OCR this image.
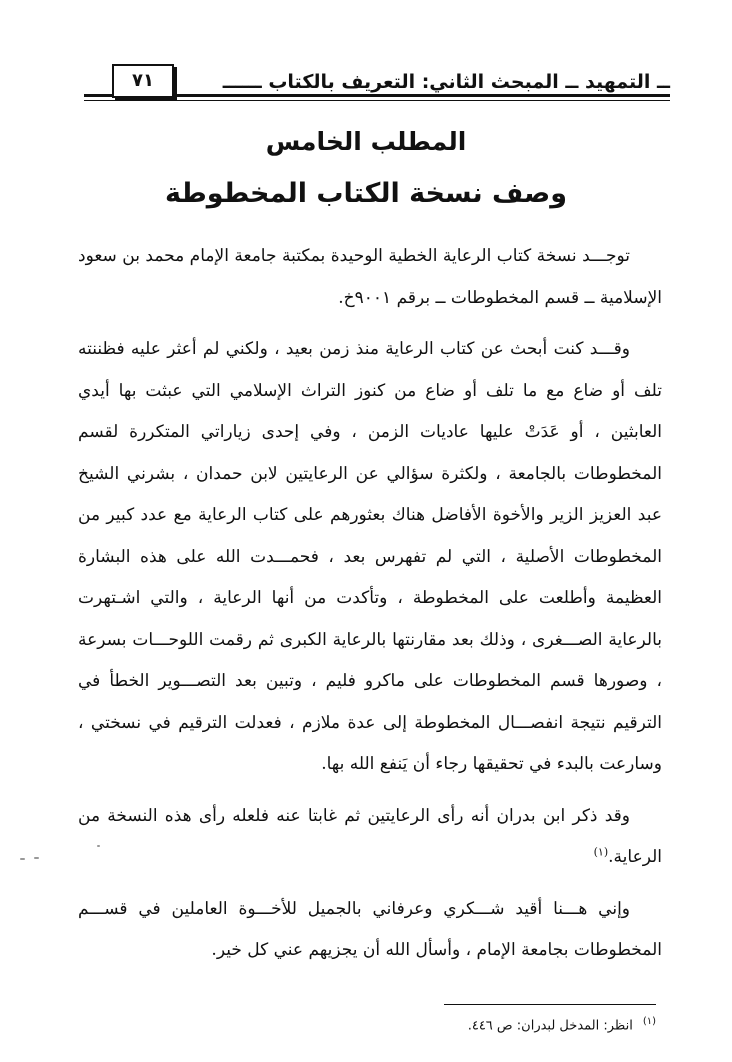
ــ التمهيد ــ المبحث الثاني: التعريف بالكتاب ــــــ
٧١
المطلب الخامس
وصف نسخة الكتاب المخطوطة

توجـــد نسخة كتاب الرعاية الخطية الوحيدة بمكتبة جامعة الإمام محمد بن سعود الإسلامية ــ قسم المخطوطات ــ برقم ٩٠٠١خ.

وقـــد كنت أبحث عن كتاب الرعاية منذ زمن بعيد ، ولكني لم أعثر عليه فظننته تلف أو ضاع مع ما تلف أو ضاع من كنوز التراث الإسلامي التي عبثت بها أيدي العابثين ، أو عَدَتْ عليها عاديات الزمن ، وفي إحدى زياراتي المتكررة لقسم المخطوطات بالجامعة ، ولكثرة سؤالي عن الرعايتين لابن حمدان ، بشرني الشيخ عبد العزيز الزير والأخوة الأفاضل هناك بعثورهم على كتاب الرعاية مع عدد كبير من المخطوطات الأصلية ، التي لم تفهرس بعد ، فحمـــدت الله على هذه البشارة العظيمة وأطلعت على المخطوطة ، وتأكدت من أنها الرعاية ، والتي اشـتهرت بالرعاية الصـــغرى ، وذلك بعد مقارنتها بالرعاية الكبرى ثم رقمت اللوحـــات بسرعة ، وصورها قسم المخطوطات على ماكرو فليم ، وتبين بعد التصـــوير الخطأ في الترقيم نتيجة انفصـــال المخطوطة إلى عدة ملازم ، فعدلت الترقيم في نسختي ، وسارعت بالبدء في تحقيقها رجاء أن يَنفع الله بها.

وقد ذكر ابن بدران أنه رأى الرعايتين ثم غابتا عنه فلعله رأى هذه النسخة من الرعاية.$^{(١)}$

وإني هـــنا أقيد شـــكري وعرفاني بالجميل للأخـــوة العاملين في قســـم المخطوطات بجامعة الإمام ، وأسأل الله أن يجزيهم عني كل خير.

$^{(١)}$انظر: المدخل لبدران: ص ٤٤٦.
